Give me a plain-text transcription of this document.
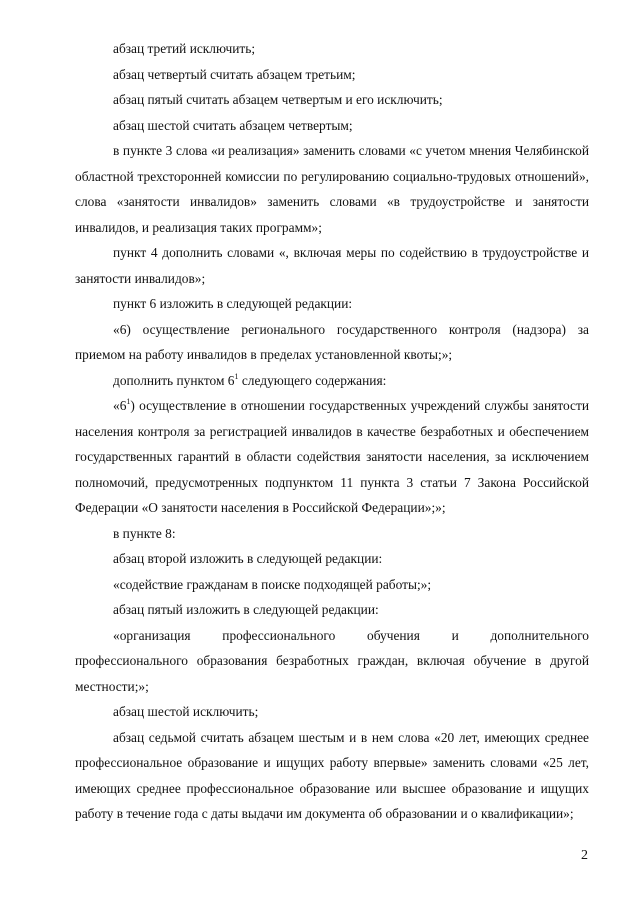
абзац третий исключить;

абзац четвертый считать абзацем третьим;

абзац пятый считать абзацем четвертым и его исключить;

абзац шестой считать абзацем четвертым;

в пункте 3 слова «и реализация» заменить словами «с учетом мнения Челябинской областной трехсторонней комиссии по регулированию социально-трудовых отношений», слова «занятости инвалидов» заменить словами «в трудоустройстве и занятости инвалидов, и реализация таких программ»;

пункт 4 дополнить словами «, включая меры по содействию в трудоустройстве и занятости инвалидов»;

пункт 6 изложить в следующей редакции:

«6) осуществление регионального государственного контроля (надзора) за приемом на работу инвалидов в пределах установленной квоты;»;

дополнить пунктом $6^1$ следующего содержания:

«$6^1$) осуществление в отношении государственных учреждений службы занятости населения контроля за регистрацией инвалидов в качестве безработных и обеспечением государственных гарантий в области содействия занятости населения, за исключением полномочий, предусмотренных подпунктом 11 пункта 3 статьи 7 Закона Российской Федерации «О занятости населения в Российской Федерации»;»;

в пункте 8:

абзац второй изложить в следующей редакции:

«содействие гражданам в поиске подходящей работы;»;

абзац пятый изложить в следующей редакции:

«организация профессионального обучения и дополнительного профессионального образования безработных граждан, включая обучение в другой местности;»;

абзац шестой исключить;

абзац седьмой считать абзацем шестым и в нем слова «20 лет, имеющих среднее профессиональное образование и ищущих работу впервые» заменить словами «25 лет, имеющих среднее профессиональное образование или высшее образование и ищущих работу в течение года с даты выдачи им документа об образовании и о квалификации»;

2
